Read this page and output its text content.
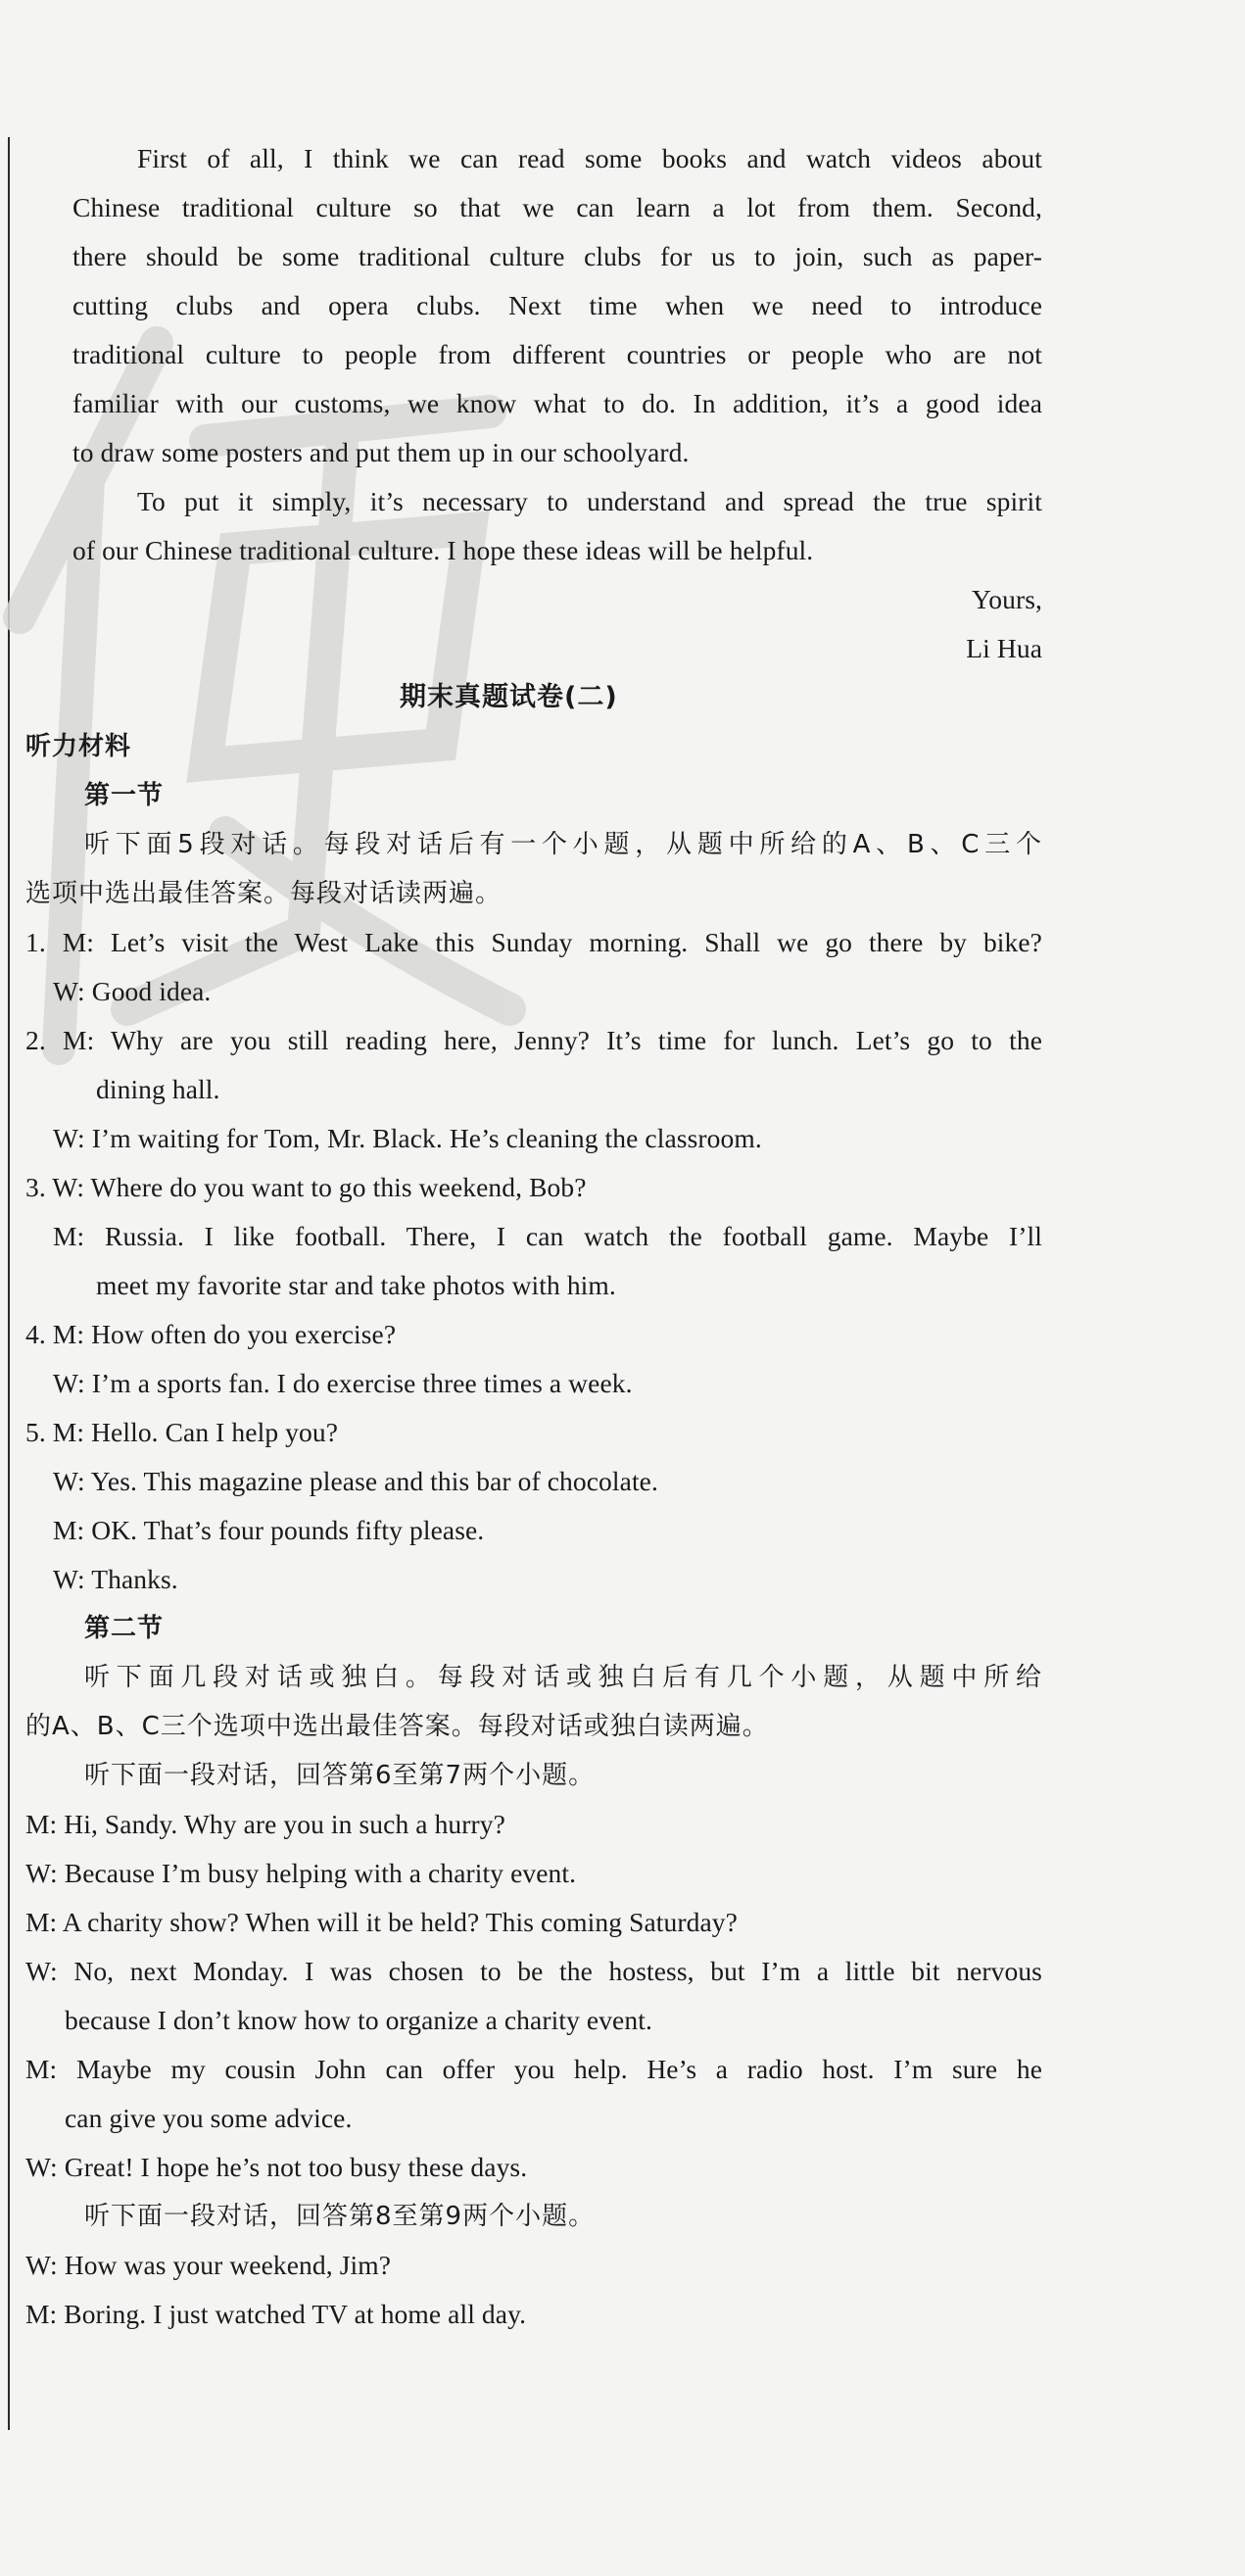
First of all, I think we can read some books and watch videos about
Chinese traditional culture so that we can learn a lot from them. Second,
there should be some traditional culture clubs for us to join, such as paper-
cutting clubs and opera clubs. Next time when we need to introduce
traditional culture to people from different countries or people who are not
familiar with our customs, we know what to do. In addition, it’s a good idea
to draw some posters and put them up in our schoolyard.
To put it simply, it’s necessary to understand and spread the true spirit
of our Chinese traditional culture. I hope these ideas will be helpful.
Yours,
Li Hua
期末真题试卷(二)
听力材料
第一节
听下面5段对话。每段对话后有一个小题，从题中所给的A、B、C三个
选项中选出最佳答案。每段对话读两遍。
1. M: Let’s visit the West Lake this Sunday morning. Shall we go there by bike?
W: Good idea.
2. M: Why are you still reading here, Jenny? It’s time for lunch. Let’s go to the
dining hall.
W: I’m waiting for Tom, Mr. Black. He’s cleaning the classroom.
3. W: Where do you want to go this weekend, Bob?
M: Russia. I like football. There, I can watch the football game. Maybe I’ll
meet my favorite star and take photos with him.
4. M: How often do you exercise?
W: I’m a sports fan. I do exercise three times a week.
5. M: Hello. Can I help you?
W: Yes. This magazine please and this bar of chocolate.
M: OK. That’s four pounds fifty please.
W: Thanks.
第二节
听下面几段对话或独白。每段对话或独白后有几个小题，从题中所给
的A、B、C三个选项中选出最佳答案。每段对话或独白读两遍。
听下面一段对话，回答第6至第7两个小题。
M: Hi, Sandy. Why are you in such a hurry?
W: Because I’m busy helping with a charity event.
M: A charity show? When will it be held? This coming Saturday?
W: No, next Monday. I was chosen to be the hostess, but I’m a little bit nervous
because I don’t know how to organize a charity event.
M: Maybe my cousin John can offer you help. He’s a radio host. I’m sure he
can give you some advice.
W: Great! I hope he’s not too busy these days.
听下面一段对话，回答第8至第9两个小题。
W: How was your weekend, Jim?
M: Boring. I just watched TV at home all day.
